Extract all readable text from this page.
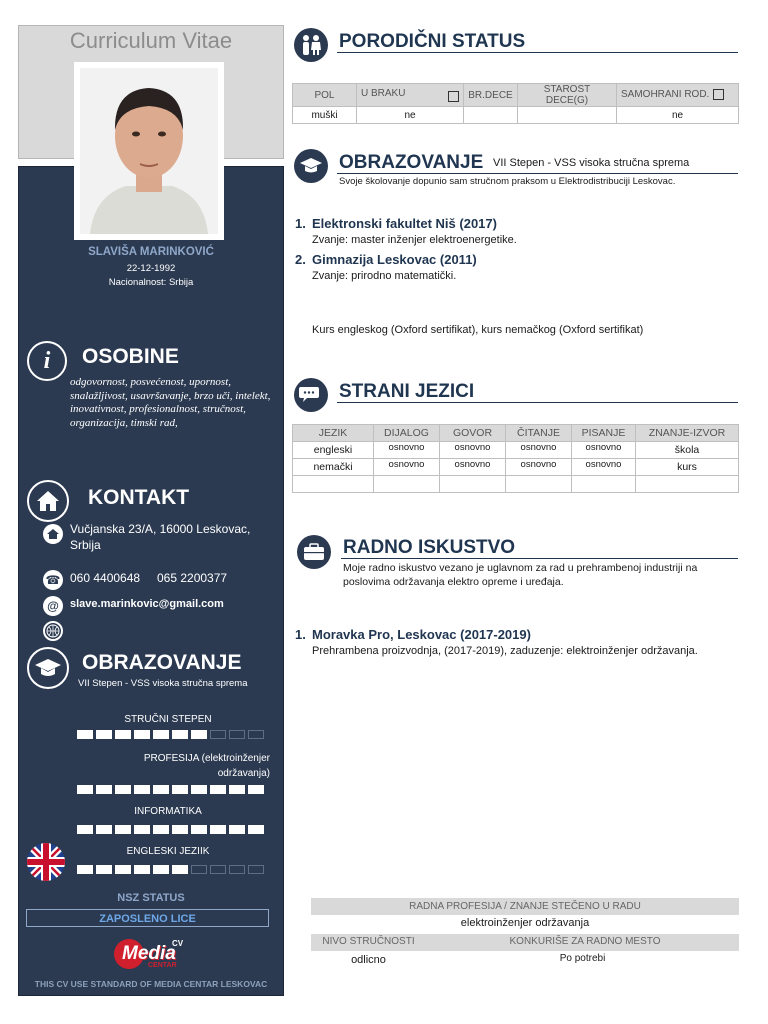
Curriculum Vitae
SLAVIŠA MARINKOVIĆ
22-12-1992
Nacionalnost: Srbija
i	OSOBINE
odgovornost, posvećenost, upornost, snalažljivost, usavršavanje, brzo uči, intelekt, inovativnost, profesionalnost, stručnost, organizacija, timski rad,
KONTAKT
Vučjanska 23/A, 16000 Leskovac, Srbija
☎ 060 4400648 065 2200377
@	slave.marinkovic@gmail.com
OBRAZOVANJE
VII Stepen - VSS visoka stručna sprema
STRUČNI STEPEN
PROFESIJA (elektroinženjer održavanja)
INFORMATIKA
ENGLESKI JEZIIK
NSZ STATUS
ZAPOSLENO LICE
Media
CV
CENTAR
THIS CV USE STANDARD OF MEDIA CENTAR LESKOVAC
PORODIČNI STATUS
POL	U BRAKU	BR.DECE	STAROST DECE(G)	SAMOHRANI ROD.
muški	ne			ne
OBRAZOVANJE VII Stepen - VSS visoka stručna sprema
Svoje školovanje dopunio sam stručnom praksom u Elektrodistribuciji Leskovac.
1. Elektronski fakultet Niš (2017)
Zvanje: master inženjer elektroenergetike.
2. Gimnazija Leskovac (2011)
Zvanje: prirodno matematički.
Kurs engleskog (Oxford sertifikat), kurs nemačkog (Oxford sertifikat)
STRANI JEZICI
JEZIK	DIJALOG	GOVOR	ČITANJE	PISANJE	ZNANJE-IZVOR
engleski	osnovno	osnovno	osnovno	osnovno	škola
nemački	osnovno	osnovno	osnovno	osnovno	kurs

RADNO ISKUSTVO
Moje radno iskustvo vezano je uglavnom za rad u prehrambenoj industriji na poslovima održavanja elektro opreme i uređaja.
1. Moravka Pro, Leskovac (2017-2019)
Prehrambena proizvodnja, (2017-2019), zaduzenje: elektroinženjer održavanja.
RADNA PROFESIJA / ZNANJE STEČENO U RADU
elektroinženjer održavanja
NIVO STRUČNOSTI	KONKURIŠE ZA RADNO MESTO
odlicno	Po potrebi
